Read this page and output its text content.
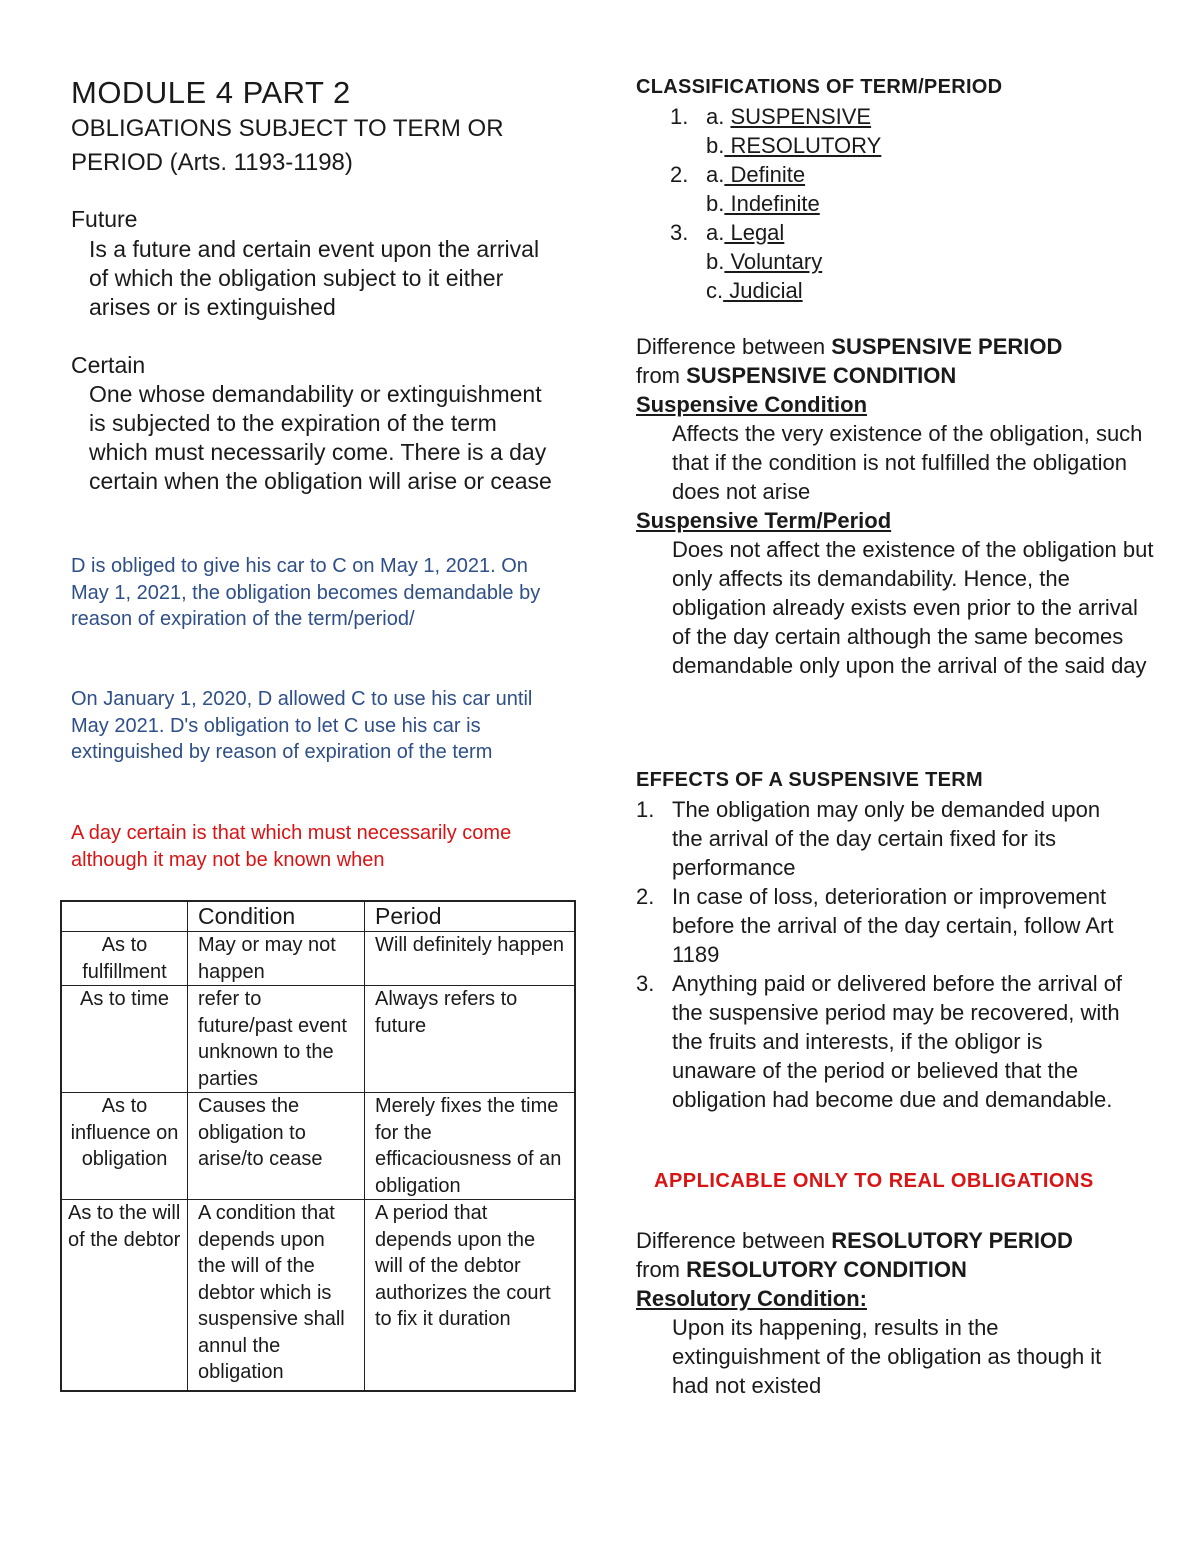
MODULE 4 PART 2
OBLIGATIONS SUBJECT TO TERM OR
PERIOD (Arts. 1193-1198)
Future
Is a future and certain event upon the arrival of which the obligation subject to it either arises or is extinguished
Certain
One whose demandability or extinguishment is subjected to the expiration of the term which must necessarily come. There is a day certain when the obligation will arise or cease
D is obliged to give his car to C on May 1, 2021. On May 1, 2021, the obligation becomes demandable by reason of expiration of the term/period/
On January 1, 2020, D allowed C to use his car until May 2021. D's obligation to let C use his car is extinguished by reason of expiration of the term
A day certain is that which must necessarily come although it may not be known when
	Condition	Period
As to fulfillment	May or may not happen	Will definitely happen
As to time	refer to future/past event unknown to the parties	Always refers to future
As to influence on obligation	Causes the obligation to arise/to cease	Merely fixes the time for the efficaciousness of an obligation
As to the will of the debtor	A condition that depends upon the will of the debtor which is suspensive shall annul the obligation	A period that depends upon the will of the debtor authorizes the court to fix it duration
CLASSIFICATIONS OF TERM/PERIOD
1. a. SUSPENSIVE
b. RESOLUTORY
2. a. Definite
b. Indefinite
3. a. Legal
b. Voluntary
c. Judicial
Difference between SUSPENSIVE PERIOD
from SUSPENSIVE CONDITION
Suspensive Condition
Affects the very existence of the obligation, such that if the condition is not fulfilled the obligation does not arise
Suspensive Term/Period
Does not affect the existence of the obligation but only affects its demandability. Hence, the obligation already exists even prior to the arrival of the day certain although the same becomes demandable only upon the arrival of the said day
EFFECTS OF A SUSPENSIVE TERM
1. The obligation may only be demanded upon the arrival of the day certain fixed for its performance
2. In case of loss, deterioration or improvement before the arrival of the day certain, follow Art 1189
3. Anything paid or delivered before the arrival of the suspensive period may be recovered, with the fruits and interests, if the obligor is unaware of the period or believed that the obligation had become due and demandable.
APPLICABLE ONLY TO REAL OBLIGATIONS
Difference between RESOLUTORY PERIOD
from RESOLUTORY CONDITION
Resolutory Condition:
Upon its happening, results in the extinguishment of the obligation as though it had not existed
